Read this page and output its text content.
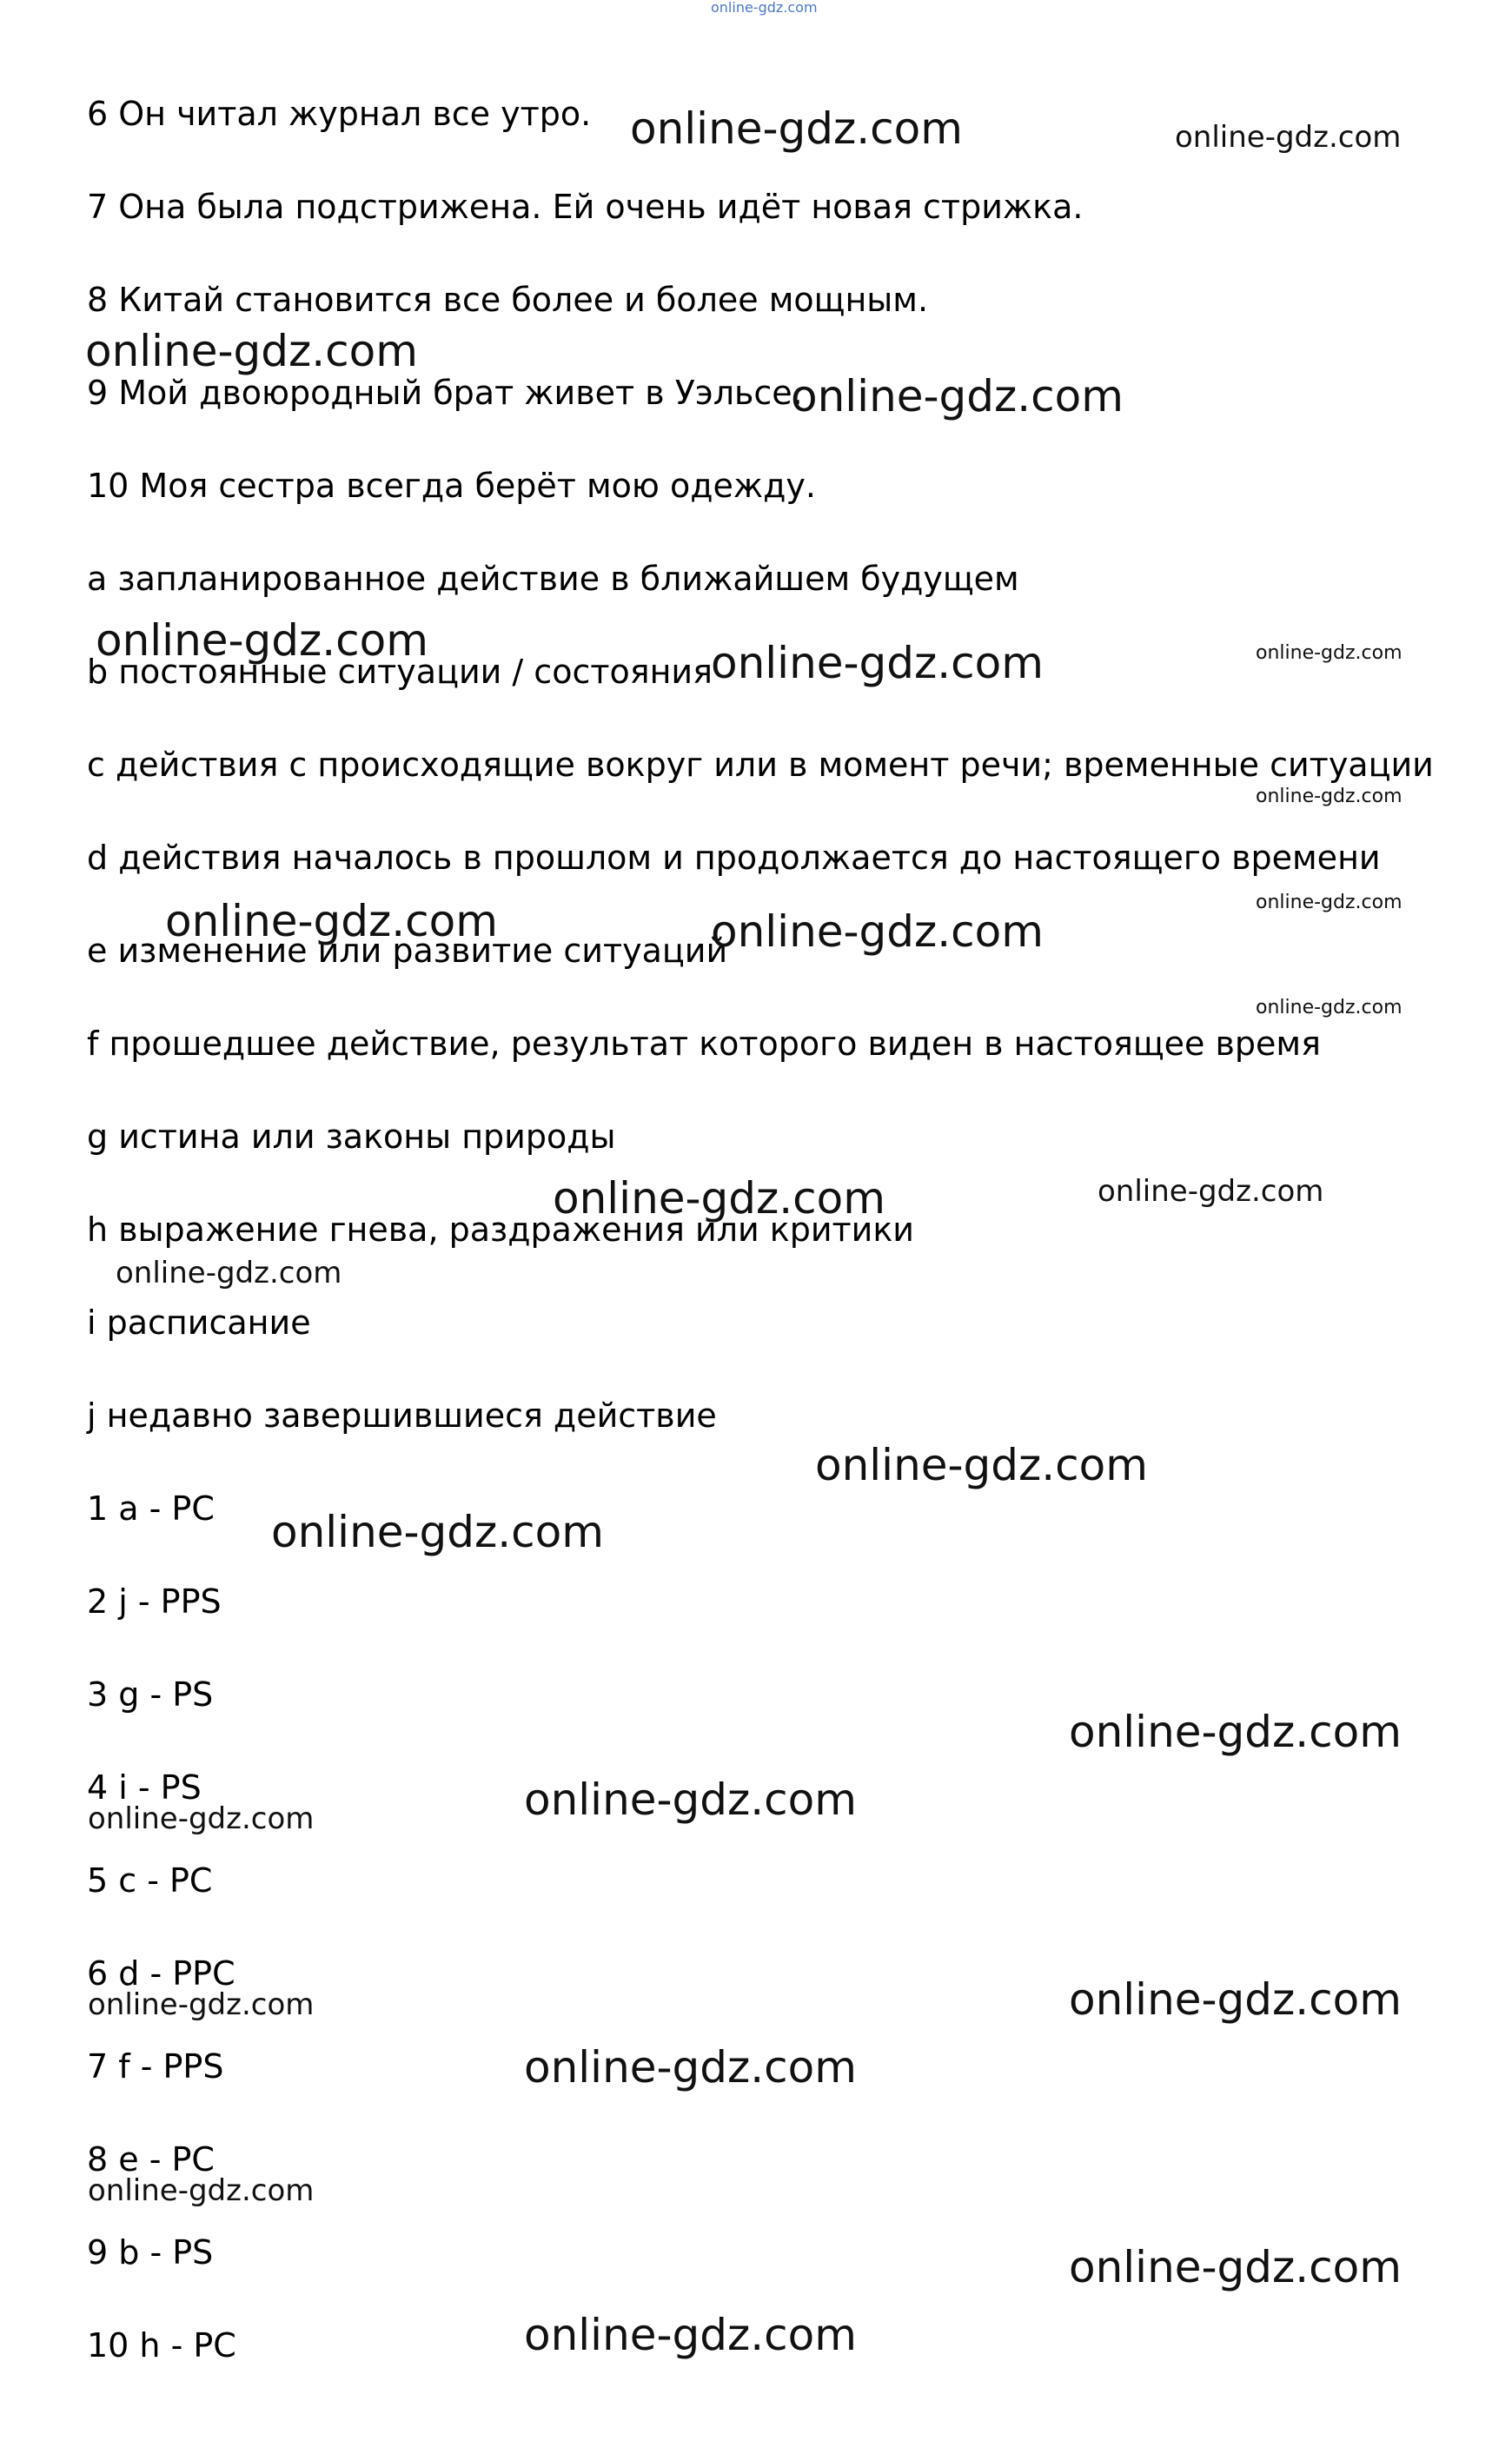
online-gdz.com
6 Он читал журнал все утро.
7 Она была подстрижена. Ей очень идёт новая стрижка.
8 Китай становится все более и более мощным.
9 Мой двоюродный брат живет в Уэльсе.
10 Моя сестра всегда берёт мою одежду.
a запланированное действие в ближайшем будущем
b постоянные ситуации / состояния
c действия с происходящие вокруг или в момент речи; временные ситуации
d действия началось в прошлом и продолжается до настоящего времени
e изменение или развитие ситуаций
f прошедшее действие, результат которого виден в настоящее время
g истина или законы природы
h выражение гнева, раздражения или критики
i расписание
j недавно завершившиеся действие
1 a - PC
2 j - PPS
3 g - PS
4 i - PS
5 c - PC
6 d - PPC
7 f - PPS
8 e - PC
9 b - PS
10 h - PC
online-gdz.com	online-gdz.com
online-gdz.com
online-gdz.com
online-gdz.com	online-gdz.com	online-gdz.com
online-gdz.com
online-gdz.com
online-gdz.com	online-gdz.com
online-gdz.com
online-gdz.com	online-gdz.com
online-gdz.com
online-gdz.com
online-gdz.com
online-gdz.com
online-gdz.com
online-gdz.com
online-gdz.com
online-gdz.com
online-gdz.com
online-gdz.com
online-gdz.com
online-gdz.com
